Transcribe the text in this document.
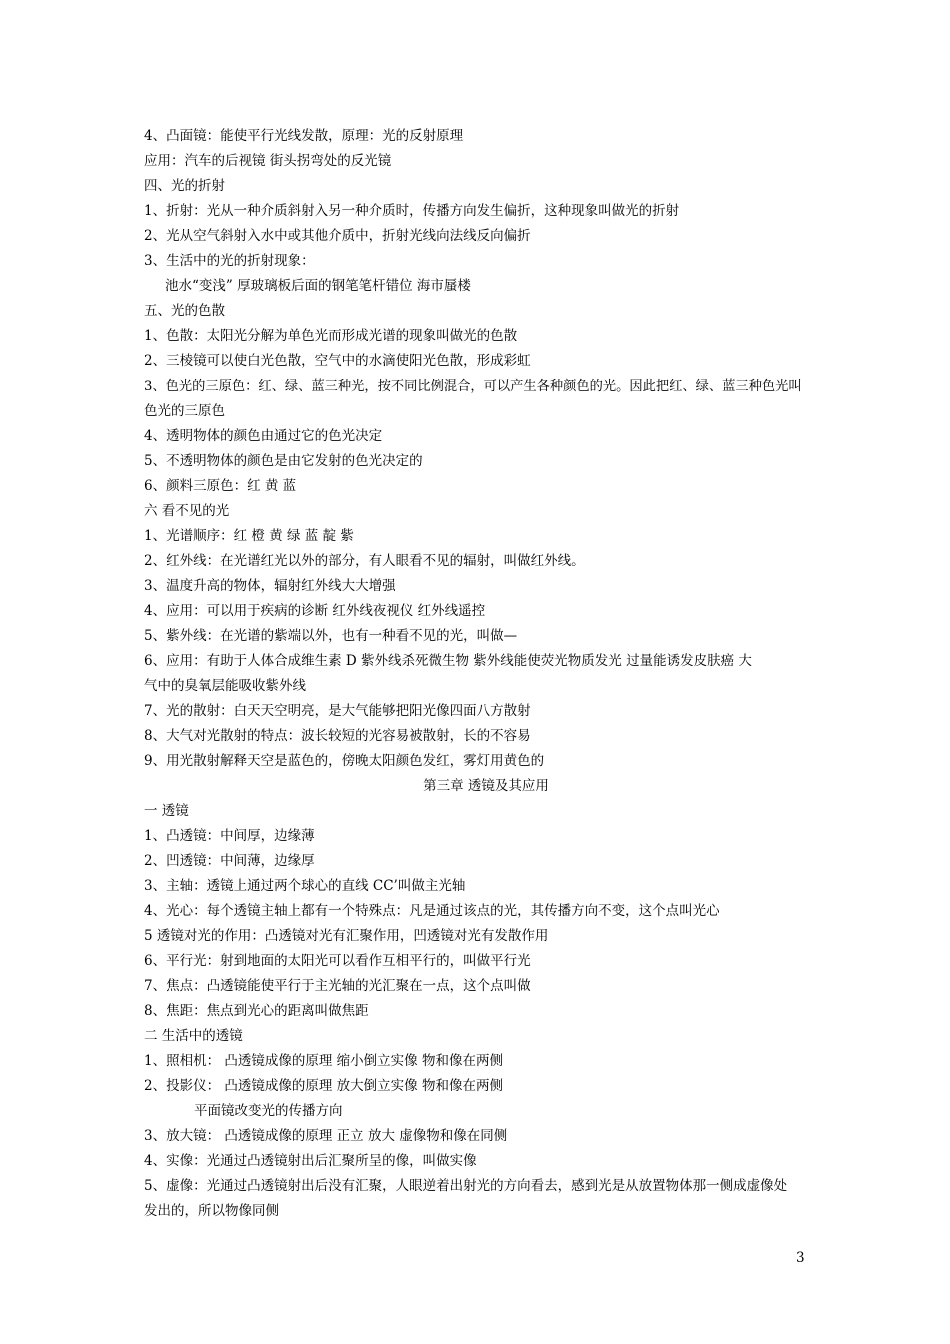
4、凸面镜：能使平行光线发散，原理：光的反射原理
应用：汽车的后视镜 街头拐弯处的反光镜
四、光的折射
1、折射：光从一种介质斜射入另一种介质时，传播方向发生偏折，这种现象叫做光的折射
2、光从空气斜射入水中或其他介质中，折射光线向法线反向偏折
3、生活中的光的折射现象：
池水“变浅” 厚玻璃板后面的钢笔笔杆错位 海市蜃楼
五、光的色散
1、色散：太阳光分解为单色光而形成光谱的现象叫做光的色散
2、三棱镜可以使白光色散，空气中的水滴使阳光色散，形成彩虹
3、色光的三原色：红、绿、蓝三种光，按不同比例混合，可以产生各种颜色的光。因此把红、绿、蓝三种色光叫
色光的三原色
4、透明物体的颜色由通过它的色光决定
5、不透明物体的颜色是由它发射的色光决定的
6、颜料三原色：红 黄 蓝
六 看不见的光
1、光谱顺序：红 橙 黄 绿 蓝 靛 紫
2、红外线：在光谱红光以外的部分，有人眼看不见的辐射，叫做红外线。
3、温度升高的物体，辐射红外线大大增强
4、应用：可以用于疾病的诊断 红外线夜视仪 红外线遥控
5、紫外线：在光谱的紫端以外，也有一种看不见的光，叫做—
6、应用：有助于人体合成维生素 D 紫外线杀死微生物 紫外线能使荧光物质发光 过量能诱发皮肤癌 大
气中的臭氧层能吸收紫外线
7、光的散射：白天天空明亮，是大气能够把阳光像四面八方散射
8、大气对光散射的特点：波长较短的光容易被散射，长的不容易
9、用光散射解释天空是蓝色的，傍晚太阳颜色发红，雾灯用黄色的
第三章 透镜及其应用
一 透镜
1、凸透镜：中间厚，边缘薄
2、凹透镜：中间薄，边缘厚
3、主轴：透镜上通过两个球心的直线 CC’叫做主光轴
4、光心：每个透镜主轴上都有一个特殊点：凡是通过该点的光，其传播方向不变，这个点叫光心
5 透镜对光的作用：凸透镜对光有汇聚作用，凹透镜对光有发散作用
6、平行光：射到地面的太阳光可以看作互相平行的，叫做平行光
7、焦点：凸透镜能使平行于主光轴的光汇聚在一点，这个点叫做
8、焦距：焦点到光心的距离叫做焦距
二 生活中的透镜
1、照相机： 凸透镜成像的原理 缩小倒立实像 物和像在两侧
2、投影仪： 凸透镜成像的原理 放大倒立实像 物和像在两侧
平面镜改变光的传播方向
3、放大镜： 凸透镜成像的原理 正立 放大 虚像物和像在同侧
4、实像：光通过凸透镜射出后汇聚所呈的像，叫做实像
5、虚像：光通过凸透镜射出后没有汇聚，人眼逆着出射光的方向看去，感到光是从放置物体那一侧成虚像处
发出的，所以物像同侧
3
